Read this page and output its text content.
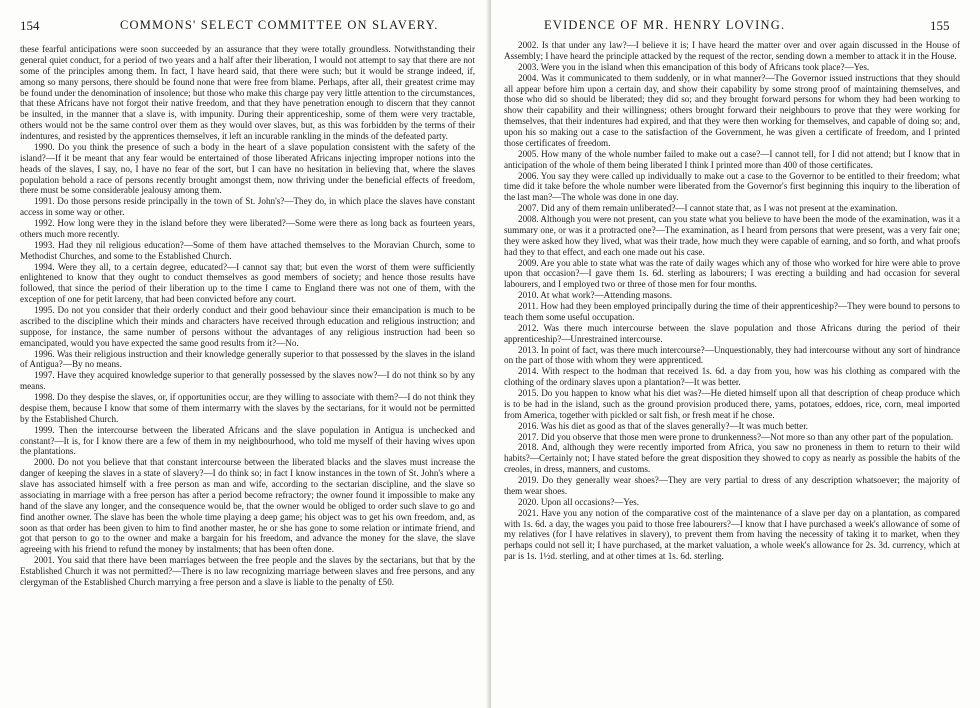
154	COMMONS' SELECT COMMITTEE ON SLAVERY.

these fearful anticipations were soon succeeded by an assurance that they were totally groundless. Notwithstanding their general quiet conduct, for a period of two years and a half after their liberation, I would not attempt to say that there are not some of the principles among them. In fact, I have heard said, that there were such; but it would be strange indeed, if, among so many persons, there should be found none that were free from blame. Perhaps, after all, their greatest crime may be found under the denomination of insolence; but those who make this charge pay very little attention to the circumstances, that these Africans have not forgot their native freedom, and that they have penetration enough to discern that they cannot be insulted, in the manner that a slave is, with impunity. During their apprenticeship, some of them were very tractable, others would not be the same control over them as they would over slaves, but, as this was forbidden by the terms of their indentures, and resisted by the apprentices themselves, it left an incurable rankling in the minds of the defeated party.

1990. Do you think the presence of such a body in the heart of a slave population consistent with the safety of the island?—If it be meant that any fear would be entertained of those liberated Africans injecting improper notions into the heads of the slaves, I say, no, I have no fear of the sort, but I can have no hesitation in believing that, where the slaves population behold a race of persons recently brought amongst them, now thriving under the beneficial effects of freedom, there must be some considerable jealousy among them.

1991. Do those persons reside principally in the town of St. John's?—They do, in which place the slaves have constant access in some way or other.

1992. How long were they in the island before they were liberated?—Some were there as long back as fourteen years, others much more recently.

1993. Had they nil religious education?—Some of them have attached themselves to the Moravian Church, some to Methodist Churches, and some to the Established Church.

1994. Were they all, to a certain degree, educated?—I cannot say that; but even the worst of them were sufficiently enlightened to know that they ought to conduct themselves as good members of society; and hence those results have followed, that since the period of their liberation up to the time I came to England there was not one of them, with the exception of one for petit larceny, that had been convicted before any court.

1995. Do not you consider that their orderly conduct and their good behaviour since their emancipation is much to be ascribed to the discipline which their minds and characters have received through education and religious instruction; and suppose, for instance, the same number of persons without the advantages of any religious instruction had been so emancipated, would you have expected the same good results from it?—No.

1996. Was their religious instruction and their knowledge generally superior to that possessed by the slaves in the island of Antigua?—By no means.

1997. Have they acquired knowledge superior to that generally possessed by the slaves now?—I do not think so by any means.

1998. Do they despise the slaves, or, if opportunities occur, are they willing to associate with them?—I do not think they despise them, because I know that some of them intermarry with the slaves by the sectarians, for it would not be permitted by the Established Church.

1999. Then the intercourse between the liberated Africans and the slave population in Antigua is unchecked and constant?—It is, for I know there are a few of them in my neighbourhood, who told me myself of their having wives upon the plantations.

2000. Do not you believe that that constant intercourse between the liberated blacks and the slaves must increase the danger of keeping the slaves in a state of slavery?—I do think so; in fact I know instances in the town of St. John's where a slave has associated himself with a free person as man and wife, according to the sectarian discipline, and the slave so associating in marriage with a free person has after a period become refractory; the owner found it impossible to make any hand of the slave any longer, and the consequence would be, that the owner would be obliged to order such slave to go and find another owner. The slave has been the whole time playing a deep game; his object was to get his own freedom, and, as soon as that order has been given to him to find another master, he or she has gone to some relation or intimate friend, and got that person to go to the owner and make a bargain for his freedom, and advance the money for the slave, the slave agreeing with his friend to refund the money by instalments; that has been often done.

2001. You said that there have been marriages between the free people and the slaves by the sectarians, but that by the Established Church it was not permitted?—There is no law recognizing marriage between slaves and free persons, and any clergyman of the Established Church marrying a free person and a slave is liable to the penalty of £50.

EVIDENCE OF MR. HENRY LOVING.	155

2002. Is that under any law?—I believe it is; I have heard the matter over and over again discussed in the House of Assembly; I have heard the principle attacked by the request of the rector, sending down a member to attack it in the House.

2003. Were you in the island when this emancipation of this body of Africans took place?—Yes.

2004. Was it communicated to them suddenly, or in what manner?—The Governor issued instructions that they should all appear before him upon a certain day, and show their capability by some strong proof of maintaining themselves, and those who did so should be liberated; they did so; and they brought forward persons for whom they had been working to show their capability and their willingness; others brought forward their neighbours to prove that they were working for themselves, that their indentures had expired, and that they were then working for themselves, and capable of doing so; and, upon his so making out a case to the satisfaction of the Government, he was given a certificate of freedom, and I printed those certificates of freedom.

2005. How many of the whole number failed to make out a case?—I cannot tell, for I did not attend; but I know that in anticipation of the whole of them being liberated I think I printed more than 400 of those certificates.

2006. You say they were called up individually to make out a case to the Governor to be entitled to their freedom; what time did it take before the whole number were liberated from the Governor's first beginning this inquiry to the liberation of the last man?—The whole was done in one day.

2007. Did any of them remain unliberated?—I cannot state that, as I was not present at the examination.

2008. Although you were not present, can you state what you believe to have been the mode of the examination, was it a summary one, or was it a protracted one?—The examination, as I heard from persons that were present, was a very fair one; they were asked how they lived, what was their trade, how much they were capable of earning, and so forth, and what proofs had they to that effect, and each one made out his case.

2009. Are you able to state what was the rate of daily wages which any of those who worked for hire were able to prove upon that occasion?—I gave them 1s. 6d. sterling as labourers; I was erecting a building and had occasion for several labourers, and I employed two or three of those men for four months.

2010. At what work?—Attending masons.

2011. How had they been employed principally during the time of their apprenticeship?—They were bound to persons to teach them some useful occupation.

2012. Was there much intercourse between the slave population and those Africans during the period of their apprenticeship?—Unrestrained intercourse.

2013. In point of fact, was there much intercourse?—Unquestionably, they had intercourse without any sort of hindrance on the part of those with whom they were apprenticed.

2014. With respect to the hodman that received 1s. 6d. a day from you, how was his clothing as compared with the clothing of the ordinary slaves upon a plantation?—It was better.

2015. Do you happen to know what his diet was?—He dieted himself upon all that description of cheap produce which is to be had in the island, such as the ground provision produced there, yams, potatoes, eddoes, rice, corn, meal imported from America, together with pickled or salt fish, or fresh meat if he chose.

2016. Was his diet as good as that of the slaves generally?—It was much better.

2017. Did you observe that those men were prone to drunkenness?—Not more so than any other part of the population.

2018. And, although they were recently imported from Africa, you saw no proneness in them to return to their wild habits?—Certainly not; I have stated before the great disposition they showed to copy as nearly as possible the habits of the creoles, in dress, manners, and customs.

2019. Do they generally wear shoes?—They are very partial to dress of any description whatsoever; the majority of them wear shoes.

2020. Upon all occasions?—Yes.

2021. Have you any notion of the comparative cost of the maintenance of a slave per day on a plantation, as compared with 1s. 6d. a day, the wages you paid to those free labourers?—I know that I have purchased a week's allowance of some of my relatives (for I have relatives in slavery), to prevent them from having the necessity of taking it to market, when they perhaps could not sell it; I have purchased, at the market valuation, a whole week's allowance for 2s. 3d. currency, which at par is 1s. 1½d. sterling, and at other times at 1s. 6d. sterling.
